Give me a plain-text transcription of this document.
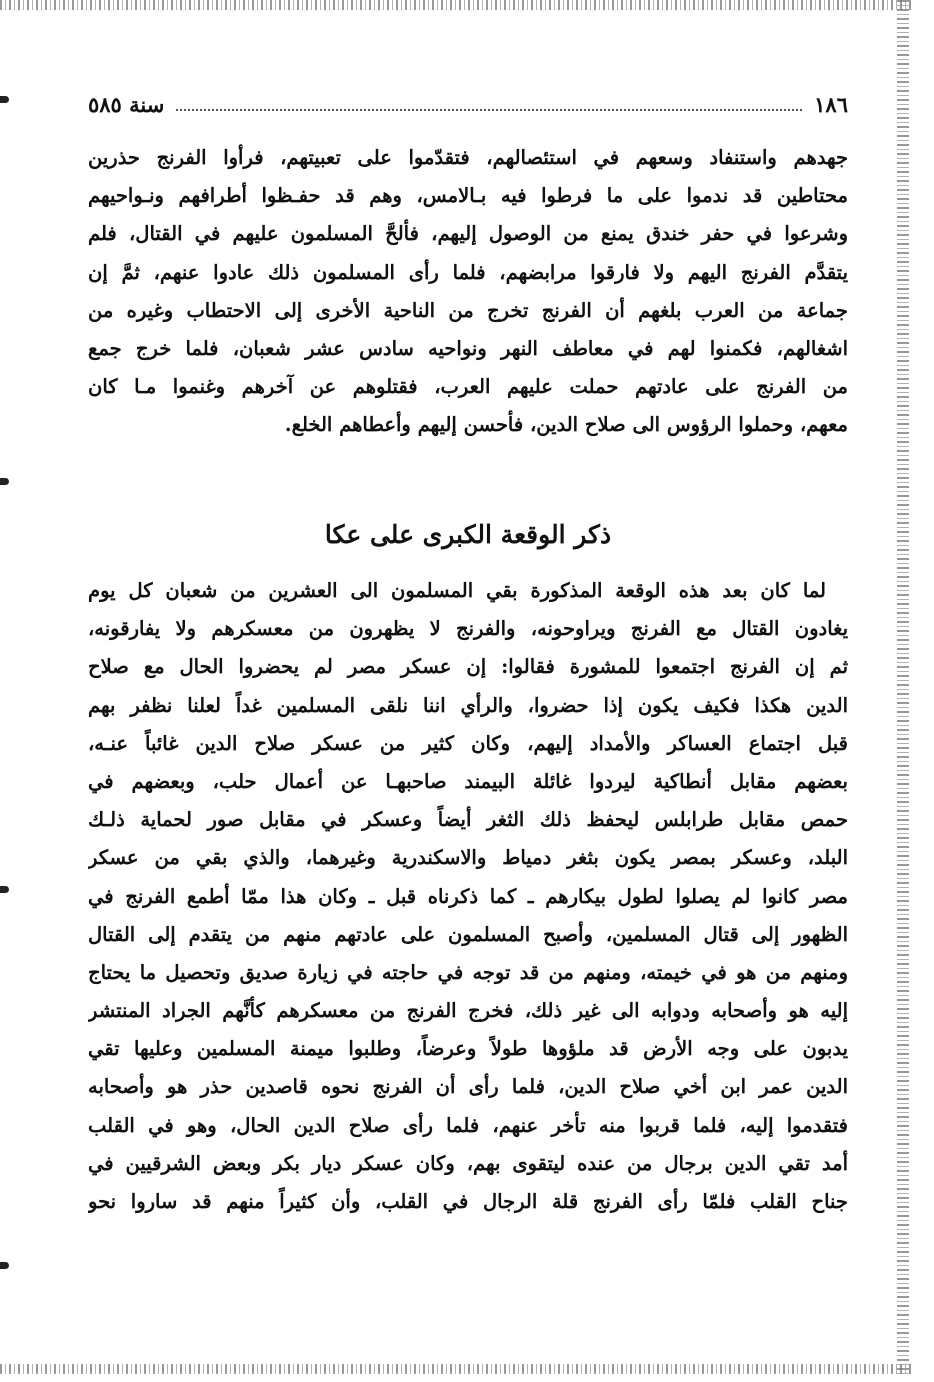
١٨٦
سنة ٥٨٥
جهدهم واستنفاد وسعهم في استئصالهم، فتقدّموا على تعبيتهم، فرأوا الفرنج حذرين
محتاطين قد ندموا على ما فرطوا فيه بـالامس، وهم قد حفـظوا أطرافهم ونـواحيهم
وشرعوا في حفر خندق يمنع من الوصول إليهم، فألحَّ المسلمون عليهم في القتال، فلم
يتقدَّم الفرنج اليهم ولا فارقوا مرابضهم، فلما رأى المسلمون ذلك عادوا عنهم، ثمَّ إن
جماعة من العرب بلغهم أن الفرنج تخرج من الناحية الأخرى إلى الاحتطاب وغيره من
اشغالهم، فكمنوا لهم في معاطف النهر ونواحيه سادس عشر شعبان، فلما خرج جمع
من الفرنج على عادتهم حملت عليهم العرب، فقتلوهم عن آخرهم وغنموا مـا كان
معهم، وحملوا الرؤوس الى صلاح الدين، فأحسن إليهم وأعطاهم الخلع.
ذكر الوقعة الكبرى على عكا
لما كان بعد هذه الوقعة المذكورة بقي المسلمون الى العشرين من شعبان كل يوم
يغادون القتال مع الفرنج ويراوحونه، والفرنج لا يظهرون من معسكرهم ولا يفارقونه،
ثم إن الفرنج اجتمعوا للمشورة فقالوا: إن عسكر مصر لم يحضروا الحال مع صلاح
الدين هكذا فكيف يكون إذا حضروا، والرأي اننا نلقى المسلمين غداً لعلنا نظفر بهم
قبل اجتماع العساكر والأمداد إليهم، وكان كثير من عسكر صلاح الدين غائباً عنـه،
بعضهم مقابل أنطاكية ليردوا غائلة البيمند صاحبهـا عن أعمال حلب، وبعضهم في
حمص مقابل طرابلس ليحفظ ذلك الثغر أيضاً وعسكر في مقابل صور لحماية ذلـك
البلد، وعسكر بمصر يكون بثغر دمياط والاسكندرية وغيرهما، والذي بقي من عسكر
مصر كانوا لم يصلوا لطول بيكارهم ـ كما ذكرناه قبل ـ وكان هذا ممّا أطمع الفرنج في
الظهور إلى قتال المسلمين، وأصبح المسلمون على عادتهم منهم من يتقدم إلى القتال
ومنهم من هو في خيمته، ومنهم من قد توجه في حاجته في زيارة صديق وتحصيل ما يحتاج
إليه هو وأصحابه ودوابه الى غير ذلك، فخرج الفرنج من معسكرهم كأنَّهم الجراد المنتشر
يدبون على وجه الأرض قد ملؤوها طولاً وعرضاً، وطلبوا ميمنة المسلمين وعليها تقي
الدين عمر ابن أخي صلاح الدين، فلما رأى أن الفرنج نحوه قاصدين حذر هو وأصحابه
فتقدموا إليه، فلما قربوا منه تأخر عنهم، فلما رأى صلاح الدين الحال، وهو في القلب
أمد تقي الدين برجال من عنده ليتقوى بهم، وكان عسكر ديار بكر وبعض الشرقيين في
جناح القلب فلمّا رأى الفرنج قلة الرجال في القلب، وأن كثيراً منهم قد ساروا نحو
